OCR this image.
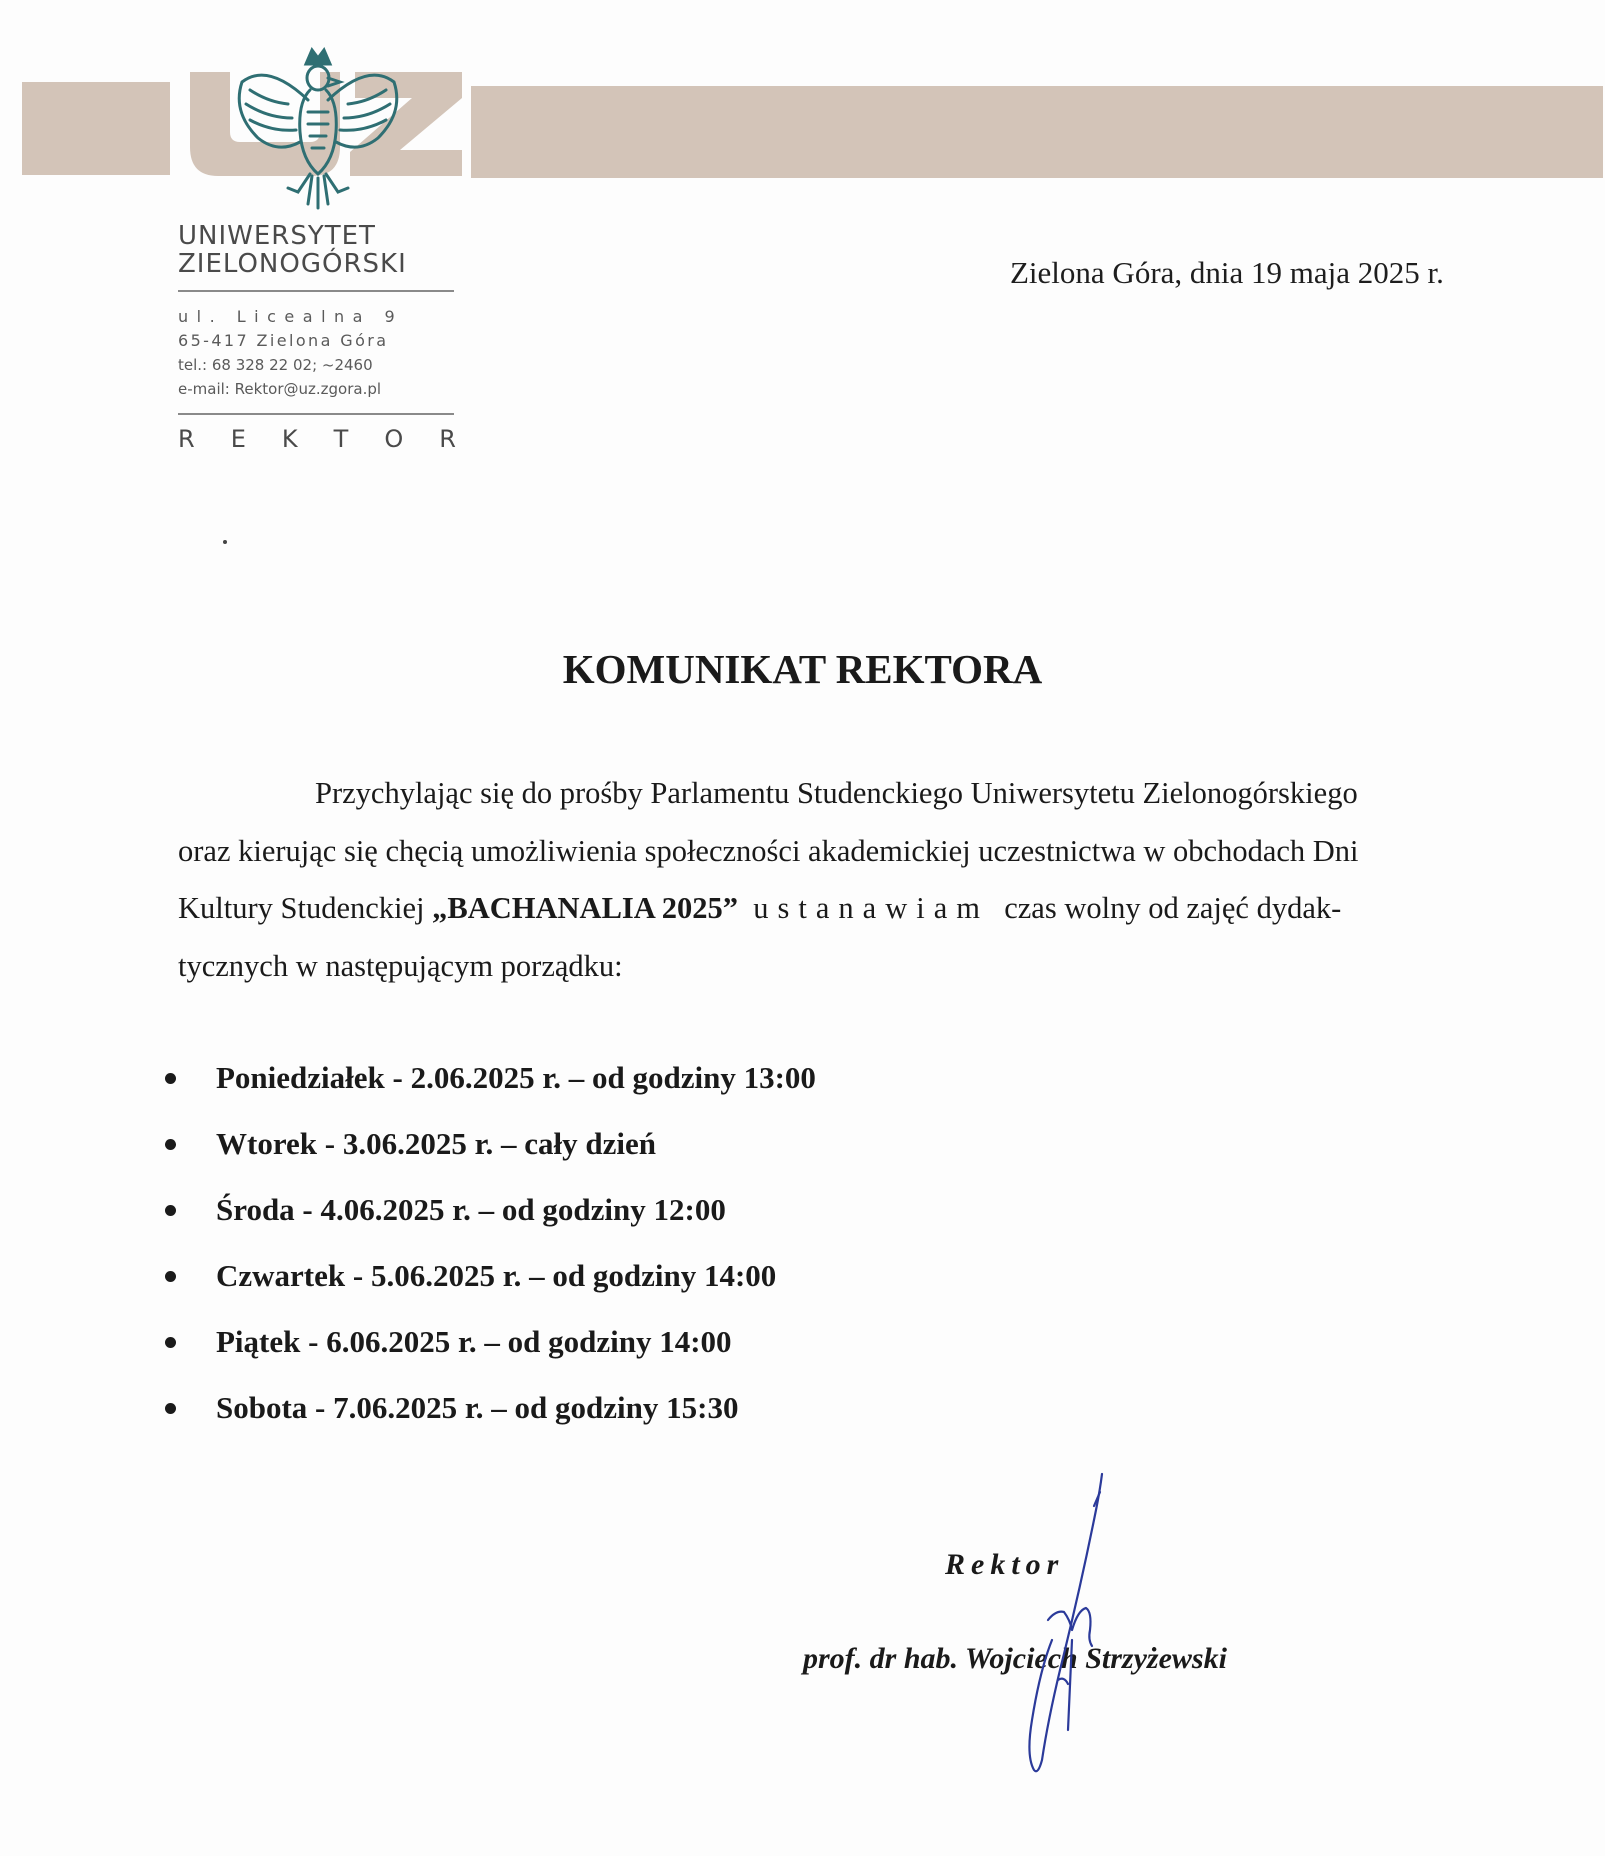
UNIWERSYTET
ZIELONOGÓRSKI
ul. Licealna 9
65-417 Zielona Góra
tel.: 68 328 22 02; ~2460
e-mail: Rektor@uz.zgora.pl
R E K T O R
Zielona Góra, dnia 19 maja 2025 r.
KOMUNIKAT REKTORA
Przychylając się do prośby Parlamentu Studenckiego Uniwersytetu Zielonogórskiego
oraz kierując się chęcią umożliwienia społeczności akademickiej uczestnictwa w obchodach Dni
Kultury Studenckiej „BACHANALIA 2025” ustanawiam czas wolny od zajęć dydak-
tycznych w następującym porządku:
Poniedziałek - 2.06.2025 r. – od godziny 13:00
Wtorek - 3.06.2025 r. – cały dzień
Środa - 4.06.2025 r. – od godziny 12:00
Czwartek - 5.06.2025 r. – od godziny 14:00
Piątek - 6.06.2025 r. – od godziny 14:00
Sobota - 7.06.2025 r. – od godziny 15:30
Rektor
prof. dr hab. Wojciech Strzyżewski
